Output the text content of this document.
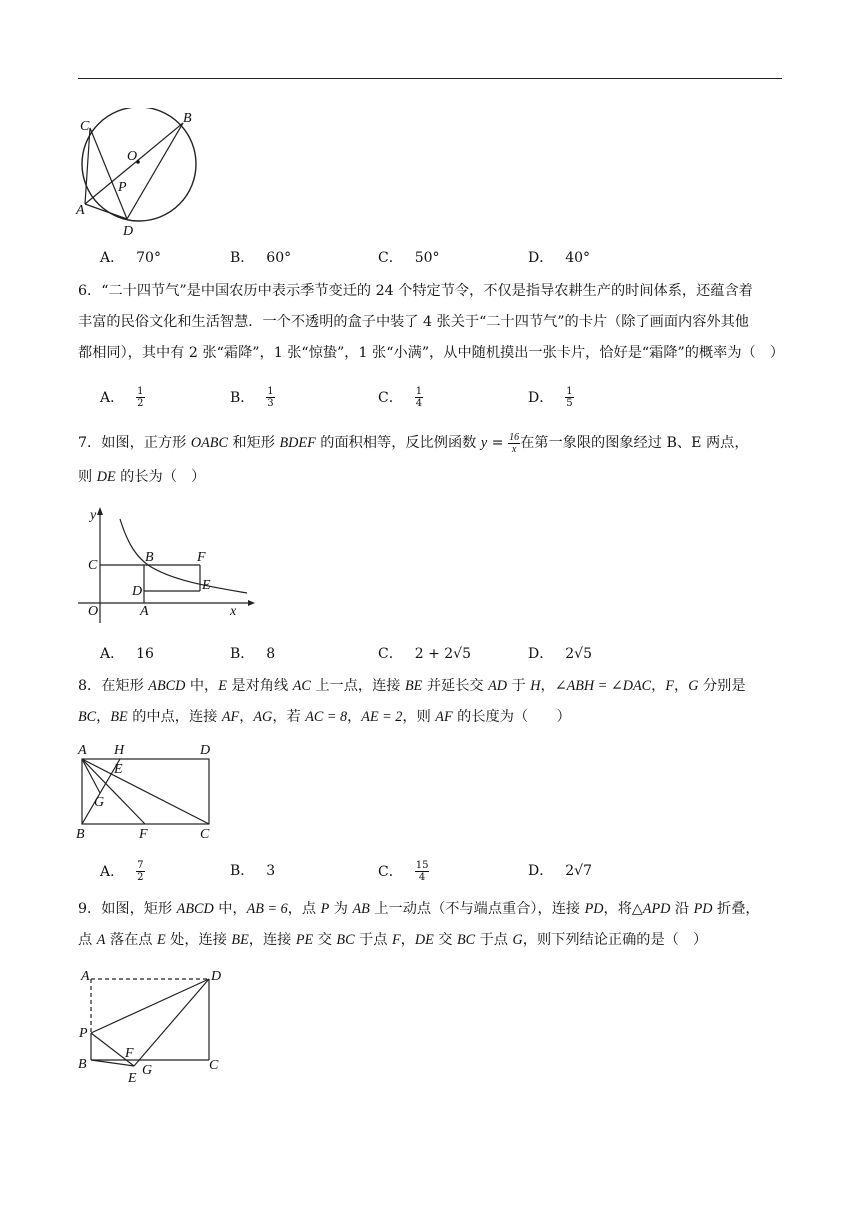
C
B
O
P
A
D
A． 70°	B． 60°	C． 50°	D． 40°

6．“二十四节气”是中国农历中表示季节变迁的 24 个特定节令，不仅是指导农耕生产的时间体系，还蕴含着

丰富的民俗文化和生活智慧．一个不透明的盒子中装了 4 张关于“二十四节气”的卡片（除了画面内容外其他

都相同），其中有 2 张“霜降”，1 张“惊蛰”，1 张“小满”，从中随机摸出一张卡片，恰好是“霜降”的概率为（　）

A． $\frac{1}{2}$	B． $\frac{1}{3}$	C． $\frac{1}{4}$	D． $\frac{1}{5}$

7．如图，正方形 OABC 和矩形 BDEF 的面积相等，反比例函数 $y = \frac{16}{x}$ 在第一象限的图象经过 B、E 两点，

则 DE 的长为（　）

y
x
C
B	F
E
D
O	A
A． 16	B． 8	C． 2 + 2√5	D． 2√5

8．在矩形 ABCD 中，E 是对角线 AC 上一点，连接 BE 并延长交 AD 于 H，∠ABH = ∠DAC，F，G 分别是

BC，BE 的中点，连接 AF，AG，若 AC = 8，AE = 2，则 AF 的长度为（　　）

A H	D
E
G
B	F	C
A． $\frac{7}{2}$	B． 3	C． $\frac{15}{4}$	D． 2√7

9．如图，矩形 ABCD 中，AB = 6，点 P 为 AB 上一动点（不与端点重合），连接 PD，将△APD 沿 PD 折叠，

点 A 落在点 E 处，连接 BE，连接 PE 交 BC 于点 F，DE 交 BC 于点 G，则下列结论正确的是（　）

A	D
P
F
B	C
E
G
